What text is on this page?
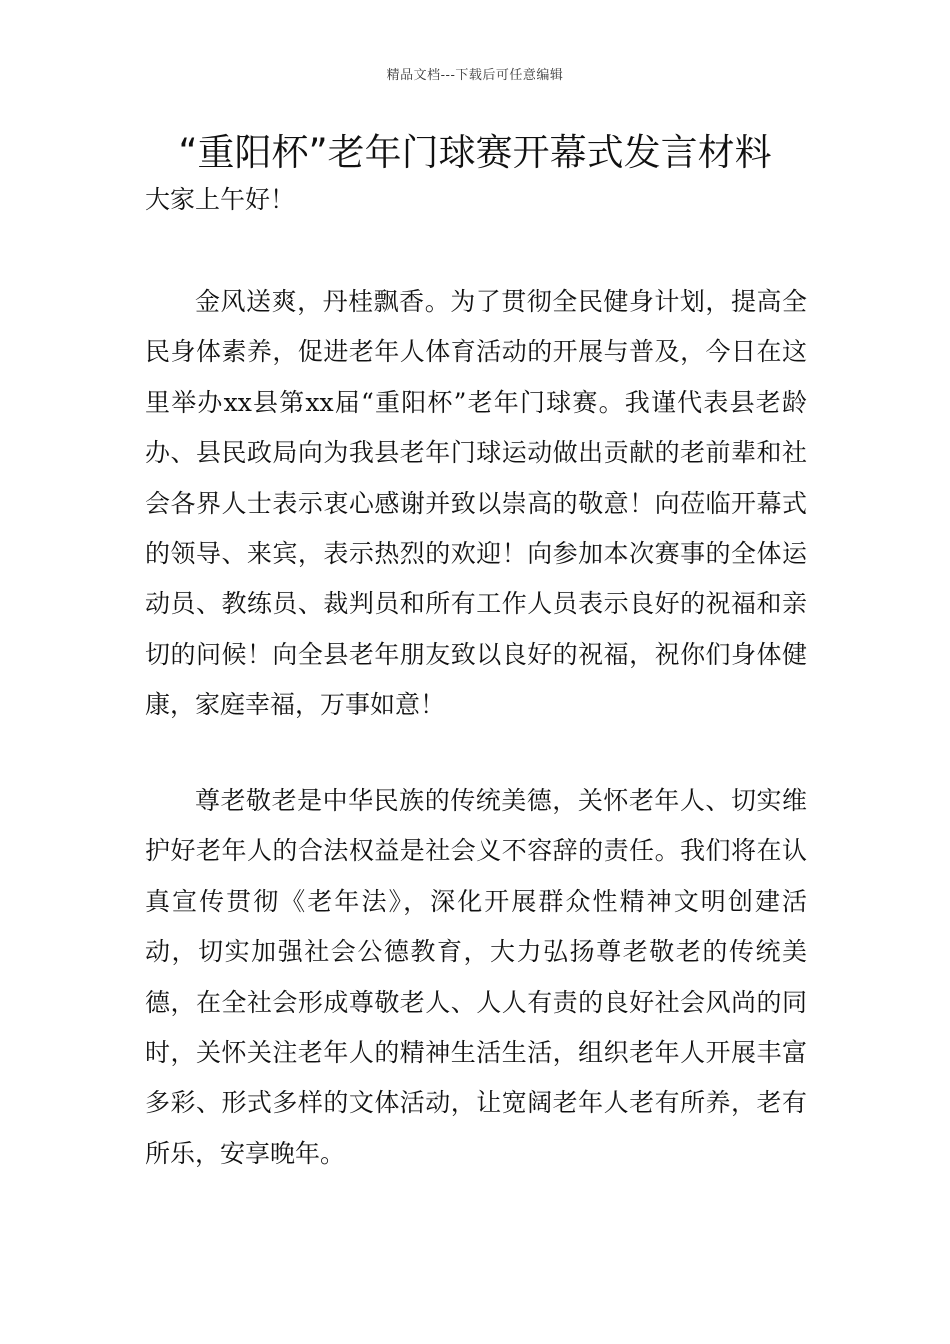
精品文档---下载后可任意编辑
“重阳杯”老年门球赛开幕式发言材料
大家上午好！

金风送爽，丹桂飘香。为了贯彻全民健身计划，提高全民身体素养，促进老年人体育活动的开展与普及，今日在这里举办xx县第xx届“重阳杯”老年门球赛。我谨代表县老龄办、县民政局向为我县老年门球运动做出贡献的老前辈和社会各界人士表示衷心感谢并致以崇高的敬意！向莅临开幕式的领导、来宾，表示热烈的欢迎！向参加本次赛事的全体运动员、教练员、裁判员和所有工作人员表示良好的祝福和亲切的问候！向全县老年朋友致以良好的祝福，祝你们身体健康，家庭幸福，万事如意！

尊老敬老是中华民族的传统美德，关怀老年人、切实维护好老年人的合法权益是社会义不容辞的责任。我们将在认真宣传贯彻《老年法》，深化开展群众性精神文明创建活动，切实加强社会公德教育，大力弘扬尊老敬老的传统美德，在全社会形成尊敬老人、人人有责的良好社会风尚的同时，关怀关注老年人的精神生活生活，组织老年人开展丰富多彩、形式多样的文体活动，让宽阔老年人老有所养，老有所乐，安享晚年。
